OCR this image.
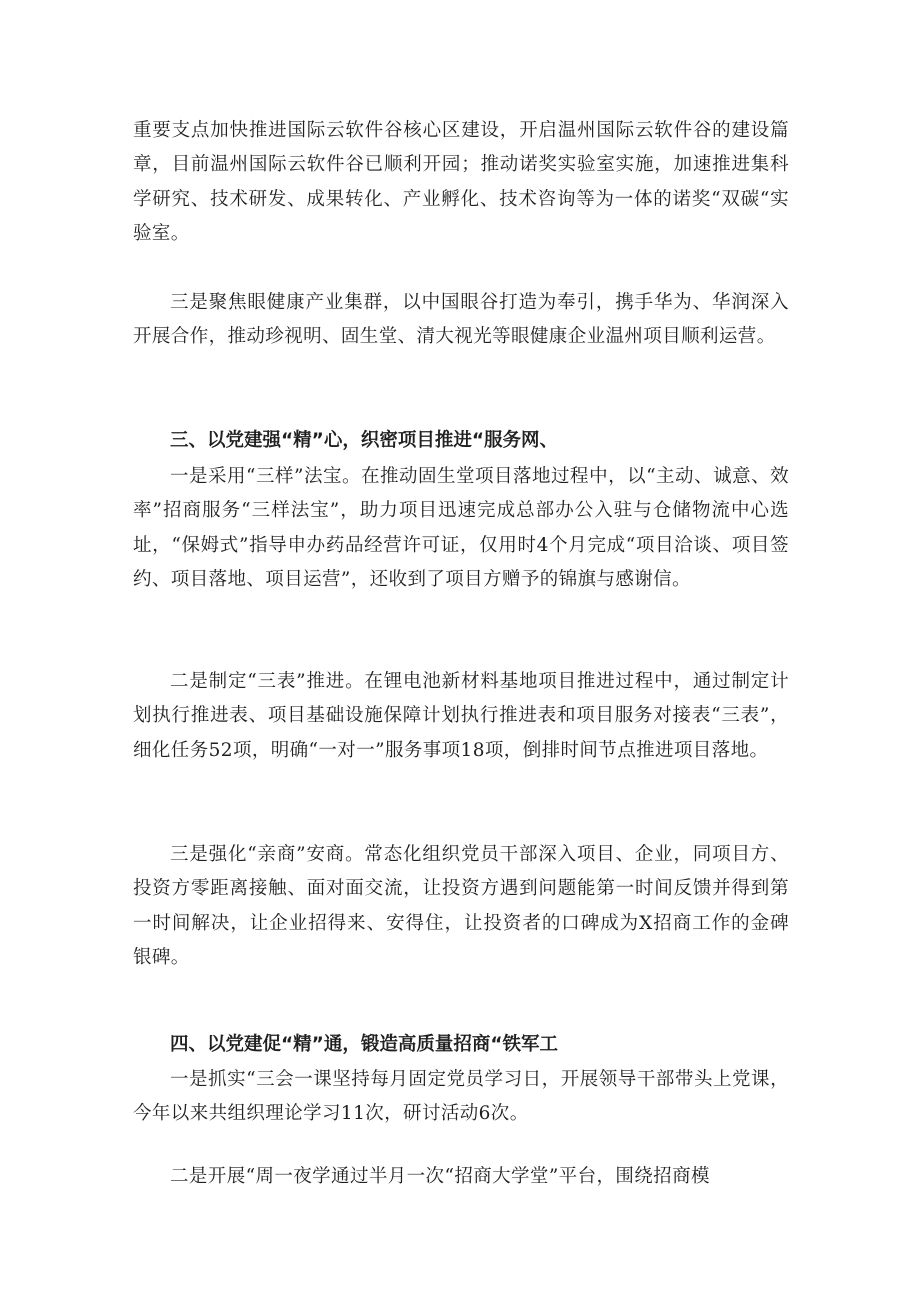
重要支点加快推进国际云软件谷核心区建设，开启温州国际云软件谷的建设篇章，目前温州国际云软件谷已顺利开园；推动诺奖实验室实施，加速推进集科学研究、技术研发、成果转化、产业孵化、技术咨询等为一体的诺奖“双碳“实验室。

三是聚焦眼健康产业集群，以中国眼谷打造为奉引，携手华为、华润深入开展合作，推动珍视明、固生堂、清大视光等眼健康企业温州项目顺利运营。

三、以党建强“精”心，织密项目推进“服务网、

一是采用“三样”法宝。在推动固生堂项目落地过程中，以“主动、诚意、效率”招商服务“三样法宝”，助力项目迅速完成总部办公入驻与仓储物流中心选址，“保姆式”指导申办药品经营许可证，仅用时4个月完成“项目洽谈、项目签约、项目落地、项目运营”，还收到了项目方赠予的锦旗与感谢信。

二是制定“三表”推进。在锂电池新材料基地项目推进过程中，通过制定计划执行推进表、项目基础设施保障计划执行推进表和项目服务对接表“三表”，细化任务52项，明确“一对一”服务事项18项，倒排时间节点推进项目落地。

三是强化“亲商”安商。常态化组织党员干部深入项目、企业，同项目方、投资方零距离接触、面对面交流，让投资方遇到问题能第一时间反馈并得到第一时间解决，让企业招得来、安得住，让投资者的口碑成为X招商工作的金碑银碑。

四、以党建促“精”通，锻造高质量招商“铁军工

一是抓实“三会一课坚持每月固定党员学习日，开展领导干部带头上党课，今年以来共组织理论学习11次，研讨活动6次。

二是开展“周一夜学通过半月一次“招商大学堂”平台，围绕招商模
